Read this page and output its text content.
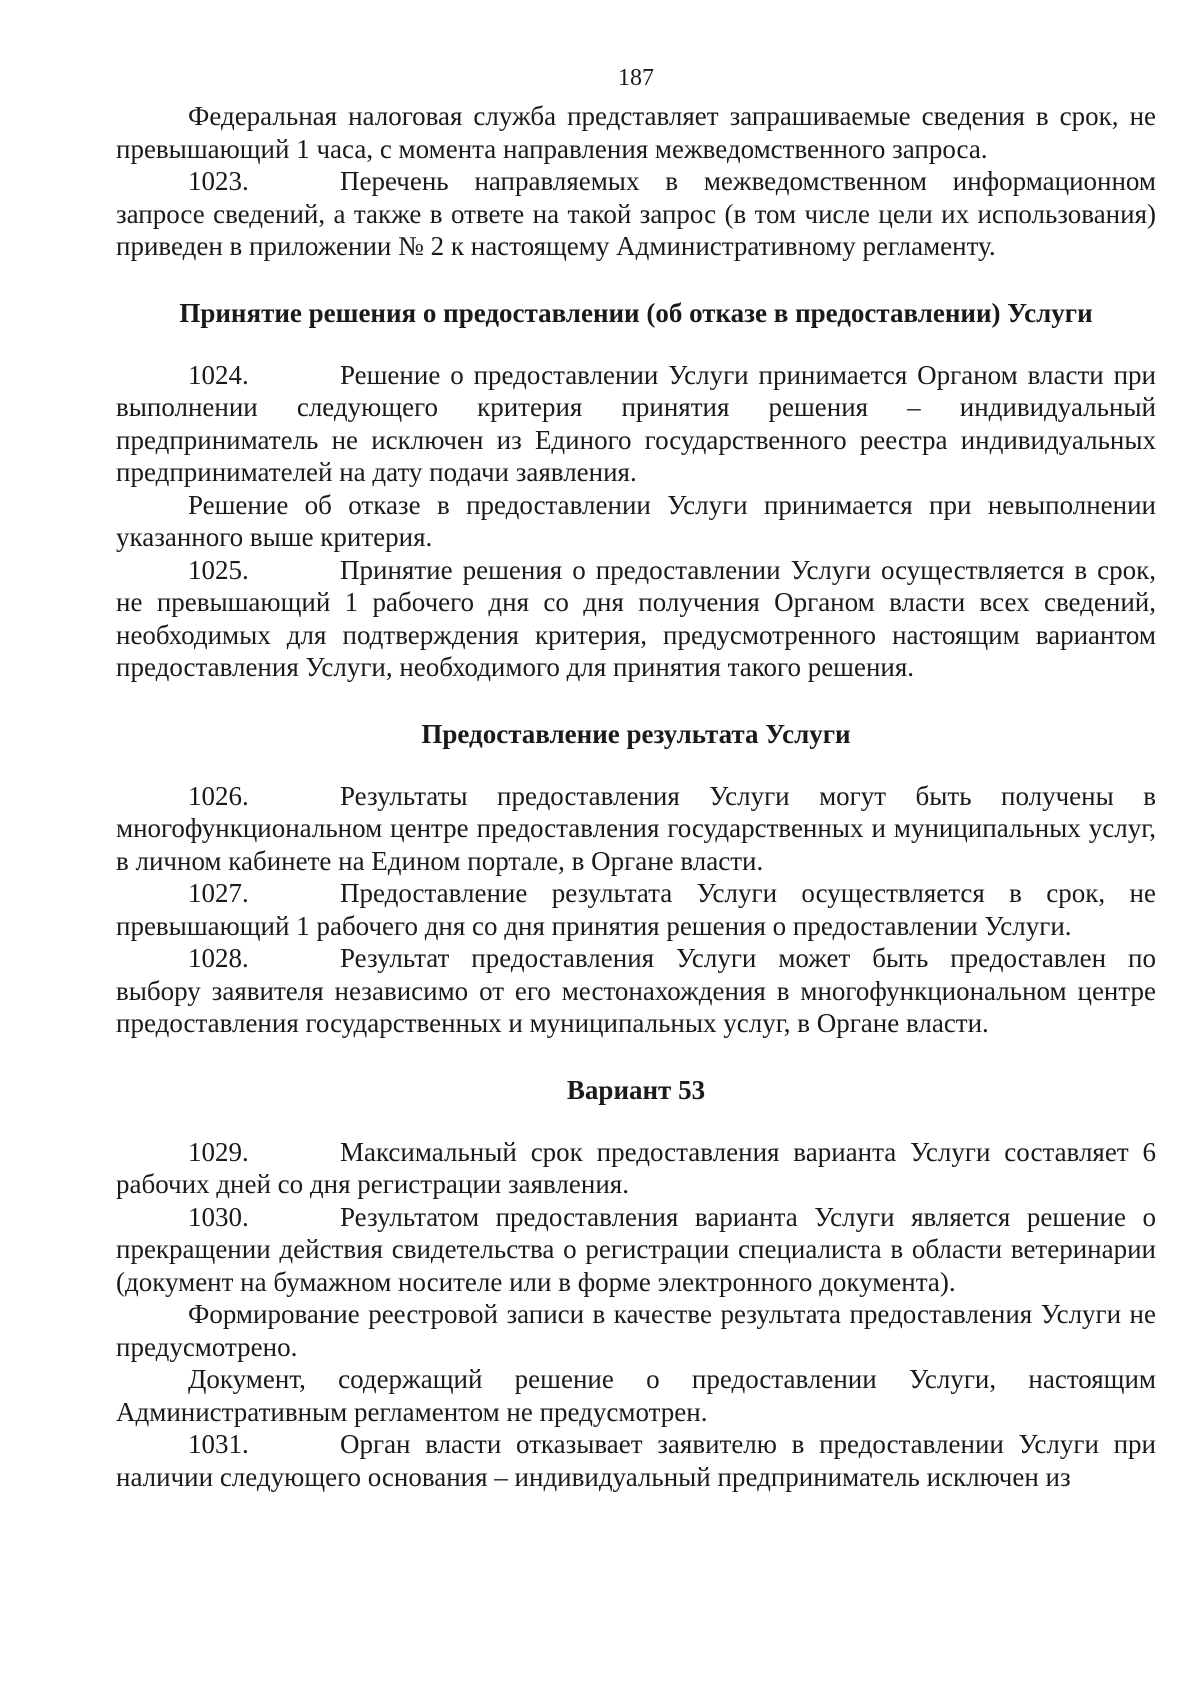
187

Федеральная налоговая служба представляет запрашиваемые сведения в срок, не превышающий 1 часа, с момента направления межведомственного запроса.

1023.	Перечень направляемых в межведомственном информационном запросе сведений, а также в ответе на такой запрос (в том числе цели их использования) приведен в приложении № 2 к настоящему Административному регламенту.

Принятие решения о предоставлении (об отказе в предоставлении) Услуги

1024.	Решение о предоставлении Услуги принимается Органом власти при выполнении следующего критерия принятия решения – индивидуальный предприниматель не исключен из Единого государственного реестра индивидуальных предпринимателей на дату подачи заявления.

Решение об отказе в предоставлении Услуги принимается при невыполнении указанного выше критерия.

1025.	Принятие решения о предоставлении Услуги осуществляется в срок, не превышающий 1 рабочего дня со дня получения Органом власти всех сведений, необходимых для подтверждения критерия, предусмотренного настоящим вариантом предоставления Услуги, необходимого для принятия такого решения.

Предоставление результата Услуги

1026.	Результаты предоставления Услуги могут быть получены в многофункциональном центре предоставления государственных и муниципальных услуг, в личном кабинете на Едином портале, в Органе власти.

1027.	Предоставление результата Услуги осуществляется в срок, не превышающий 1 рабочего дня со дня принятия решения о предоставлении Услуги.

1028.	Результат предоставления Услуги может быть предоставлен по выбору заявителя независимо от его местонахождения в многофункциональном центре предоставления государственных и муниципальных услуг, в Органе власти.

Вариант 53

1029.	Максимальный срок предоставления варианта Услуги составляет 6 рабочих дней со дня регистрации заявления.

1030.	Результатом предоставления варианта Услуги является решение о прекращении действия свидетельства о регистрации специалиста в области ветеринарии (документ на бумажном носителе или в форме электронного документа).

Формирование реестровой записи в качестве результата предоставления Услуги не предусмотрено.

Документ, содержащий решение о предоставлении Услуги, настоящим Административным регламентом не предусмотрен.

1031.	Орган власти отказывает заявителю в предоставлении Услуги при наличии следующего основания – индивидуальный предприниматель исключен из
